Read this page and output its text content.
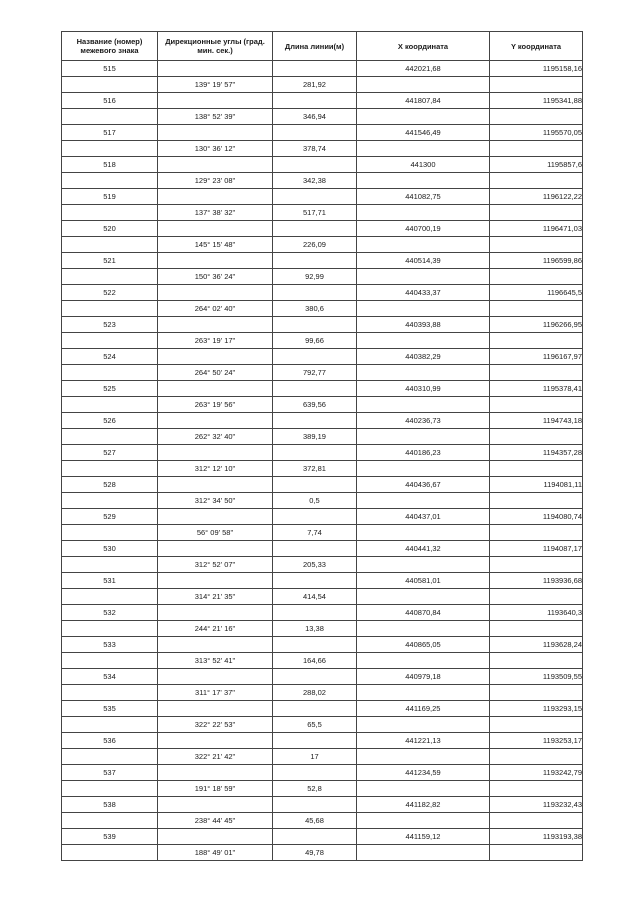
Название (номер) межевого знака	Дирекционные углы (град. мин. сек.)	Длина линии(м)	X координата	Y координата
515			442021,68	1195158,16
	139° 19' 57"	281,92		
516			441807,84	1195341,88
	138° 52' 39"	346,94		
517			441546,49	1195570,05
	130° 36' 12"	378,74		
518			441300	1195857,6
	129° 23' 08"	342,38		
519			441082,75	1196122,22
	137° 38' 32"	517,71		
520			440700,19	1196471,03
	145° 15' 48"	226,09		
521			440514,39	1196599,86
	150° 36' 24"	92,99		
522			440433,37	1196645,5
	264° 02' 40"	380,6		
523			440393,88	1196266,95
	263° 19' 17"	99,66		
524			440382,29	1196167,97
	264° 50' 24"	792,77		
525			440310,99	1195378,41
	263° 19' 56"	639,56		
526			440236,73	1194743,18
	262° 32' 40"	389,19		
527			440186,23	1194357,28
	312° 12' 10"	372,81		
528			440436,67	1194081,11
	312° 34' 50"	0,5		
529			440437,01	1194080,74
	56° 09' 58"	7,74		
530			440441,32	1194087,17
	312° 52' 07"	205,33		
531			440581,01	1193936,68
	314° 21' 35"	414,54		
532			440870,84	1193640,3
	244° 21' 16"	13,38		
533			440865,05	1193628,24
	313° 52' 41"	164,66		
534			440979,18	1193509,55
	311° 17' 37"	288,02		
535			441169,25	1193293,15
	322° 22' 53"	65,5		
536			441221,13	1193253,17
	322° 21' 42"	17		
537			441234,59	1193242,79
	191° 18' 59"	52,8		
538			441182,82	1193232,43
	238° 44' 45"	45,68		
539			441159,12	1193193,38
	188° 49' 01"	49,78		
